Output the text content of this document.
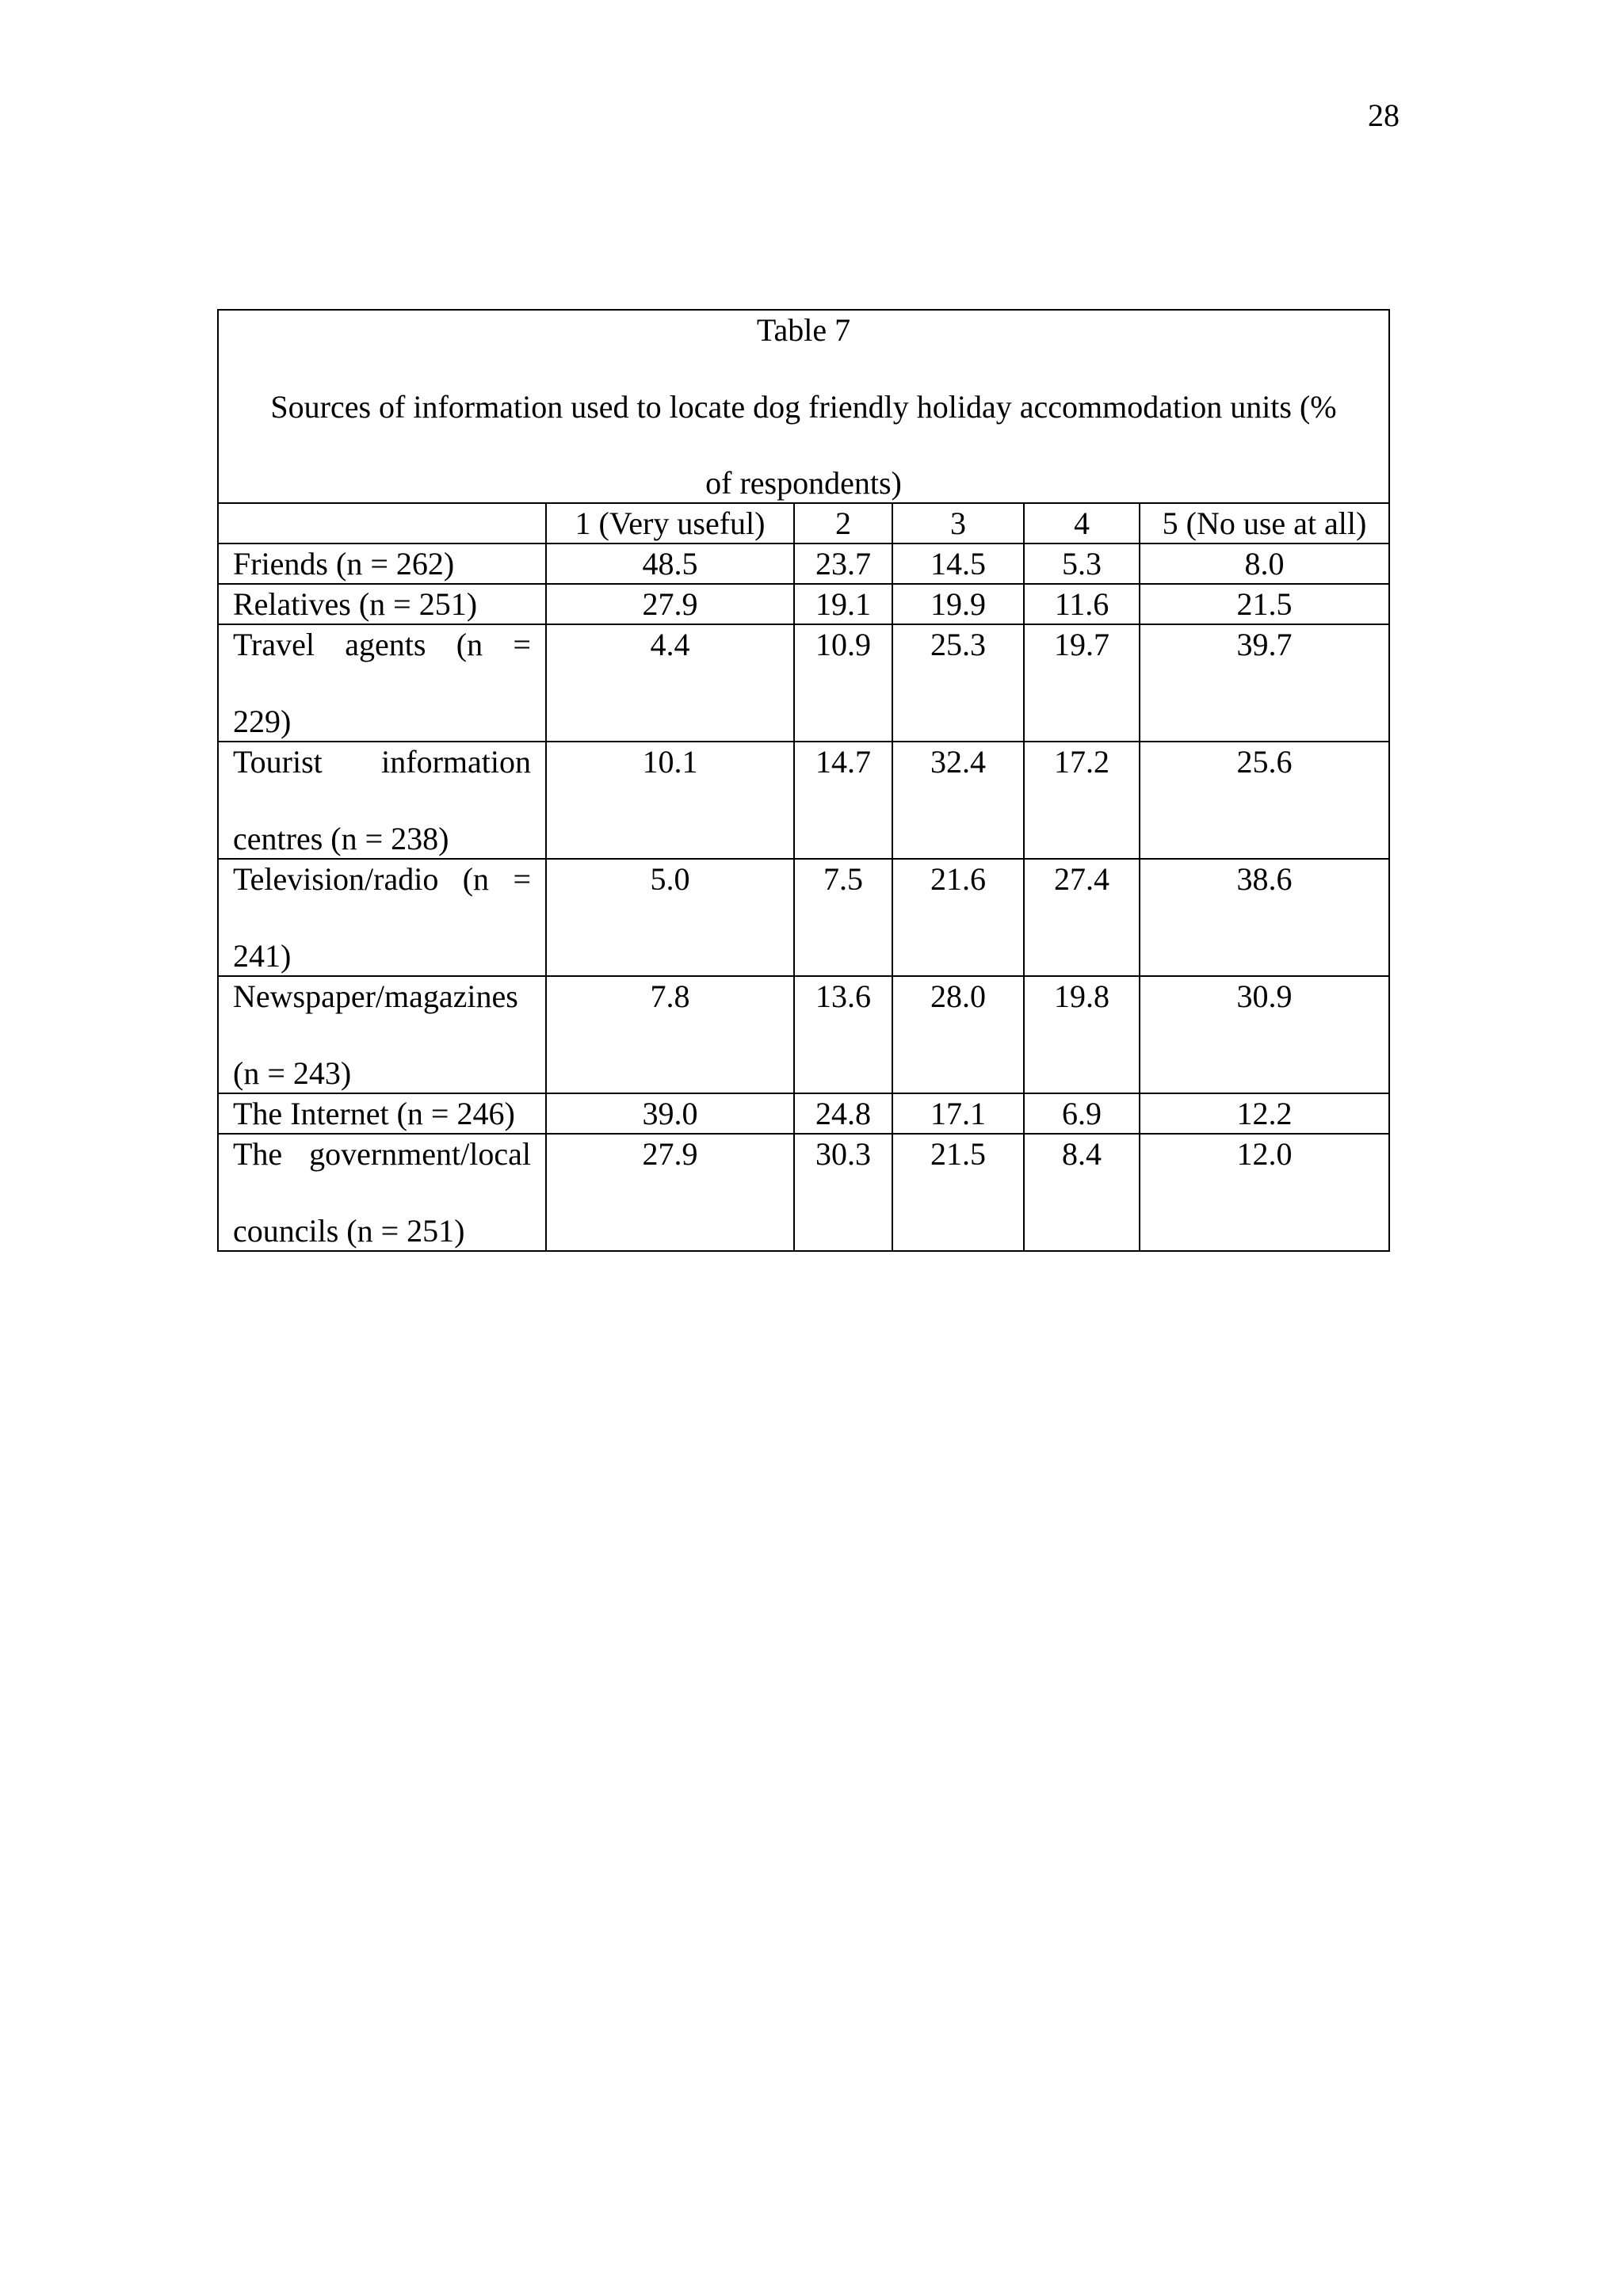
28
Table 7
Sources of information used to locate dog friendly holiday accommodation units (%
of respondents)					

	1 (Very useful)	2	3	4	5 (No use at all)
Friends (n = 262)	48.5	23.7	14.5	5.3	8.0
Relatives (n = 251)	27.9	19.1	19.9	11.6	21.5

Travel agents (n =
229)	4.4	10.9	25.3	19.7	39.7

Tourist information
centres (n = 238)	10.1	14.7	32.4	17.2	25.6

Television/radio (n =
241)	5.0	7.5	21.6	27.4	38.6

Newspaper/magazines
(n = 243)	7.8	13.6	28.0	19.8	30.9
The Internet (n = 246)	39.0	24.8	17.1	6.9	12.2

The government/local
councils (n = 251)	27.9	30.3	21.5	8.4	12.0
